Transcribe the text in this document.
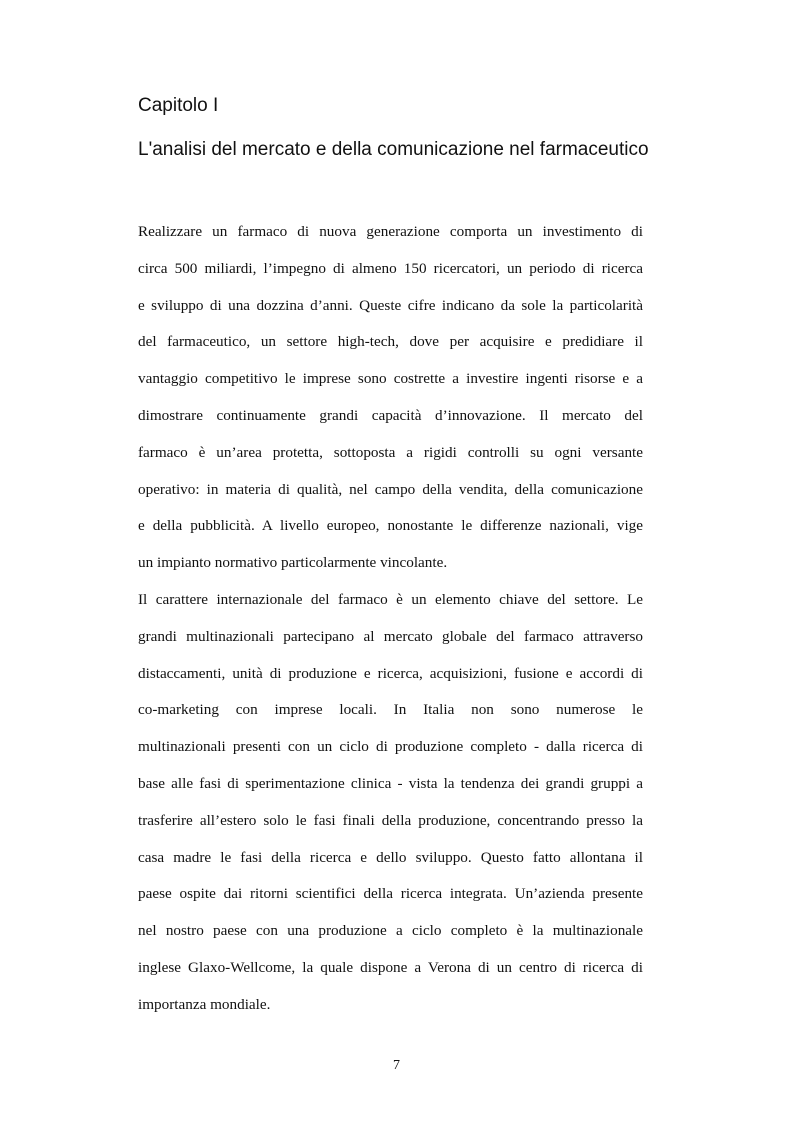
Capitolo I
L'analisi del mercato e della comunicazione nel farmaceutico
Realizzare un farmaco di nuova generazione comporta un investimento di
circa 500 miliardi, l’impegno di almeno 150 ricercatori, un periodo di ricerca
e sviluppo di una dozzina d’anni. Queste cifre indicano da sole la particolarità
del farmaceutico, un settore high-tech, dove per acquisire e predidiare il
vantaggio competitivo le imprese sono costrette a investire ingenti risorse e a
dimostrare continuamente grandi capacità d’innovazione. Il mercato del
farmaco è un’area protetta, sottoposta a rigidi controlli su ogni versante
operativo: in materia di qualità, nel campo della vendita, della comunicazione
e della pubblicità. A livello europeo, nonostante le differenze nazionali, vige
un impianto normativo particolarmente vincolante.
Il carattere internazionale del farmaco è un elemento chiave del settore. Le
grandi multinazionali partecipano al mercato globale del farmaco attraverso
distaccamenti, unità di produzione e ricerca, acquisizioni, fusione e accordi di
co-marketing con imprese locali. In Italia non sono numerose le
multinazionali presenti con un ciclo di produzione completo - dalla ricerca di
base alle fasi di sperimentazione clinica - vista la tendenza dei grandi gruppi a
trasferire all’estero solo le fasi finali della produzione, concentrando presso la
casa madre le fasi della ricerca e dello sviluppo. Questo fatto allontana il
paese ospite dai ritorni scientifici della ricerca integrata. Un’azienda presente
nel nostro paese con una produzione a ciclo completo è la multinazionale
inglese Glaxo-Wellcome, la quale dispone a Verona di un centro di ricerca di
importanza mondiale.
7
